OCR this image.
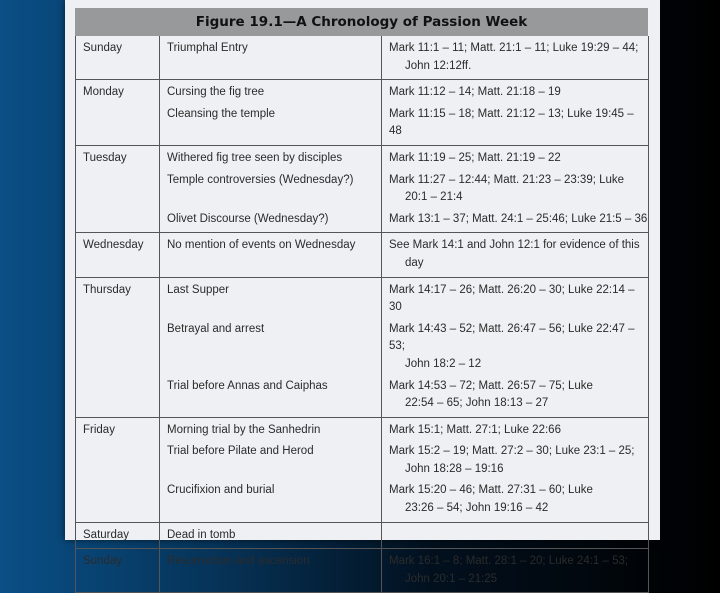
Figure 19.1—A Chronology of Passion Week
Sunday	Triumphal Entry	Mark 11:1 – 11; Matt. 21:1 – 11; Luke 19:29 – 44;
John 12:12ff.

Monday	Cursing the fig tree	Mark 11:12 – 14; Matt. 21:18 – 19
	Cleansing the temple	Mark 11:15 – 18; Matt. 21:12 – 13; Luke 19:45 – 48
Tuesday	Withered fig tree seen by disciples	Mark 11:19 – 25; Matt. 21:19 – 22
	Temple controversies (Wednesday?)	Mark 11:27 – 12:44; Matt. 21:23 – 23:39; Luke
20:1 – 21:4

	Olivet Discourse (Wednesday?)	Mark 13:1 – 37; Matt. 24:1 – 25:46; Luke 21:5 – 36
Wednesday	No mention of events on Wednesday	See Mark 14:1 and John 12:1 for evidence of this
day

Thursday	Last Supper	Mark 14:17 – 26; Matt. 26:20 – 30; Luke 22:14 – 30
	Betrayal and arrest	Mark 14:43 – 52; Matt. 26:47 – 56; Luke 22:47 – 53;
John 18:2 – 12

	Trial before Annas and Caiphas	Mark 14:53 – 72; Matt. 26:57 – 75; Luke
22:54 – 65; John 18:13 – 27

Friday	Morning trial by the Sanhedrin	Mark 15:1; Matt. 27:1; Luke 22:66
	Trial before Pilate and Herod	Mark 15:2 – 19; Matt. 27:2 – 30; Luke 23:1 – 25;
John 18:28 – 19:16

	Crucifixion and burial	Mark 15:20 – 46; Matt. 27:31 – 60; Luke
23:26 – 54; John 19:16 – 42

Saturday	Dead in tomb	
Sunday	Resurrection and ascension	Mark 16:1 – 8; Matt. 28:1 – 20; Luke 24:1 – 53;
John 20:1 – 21:25
